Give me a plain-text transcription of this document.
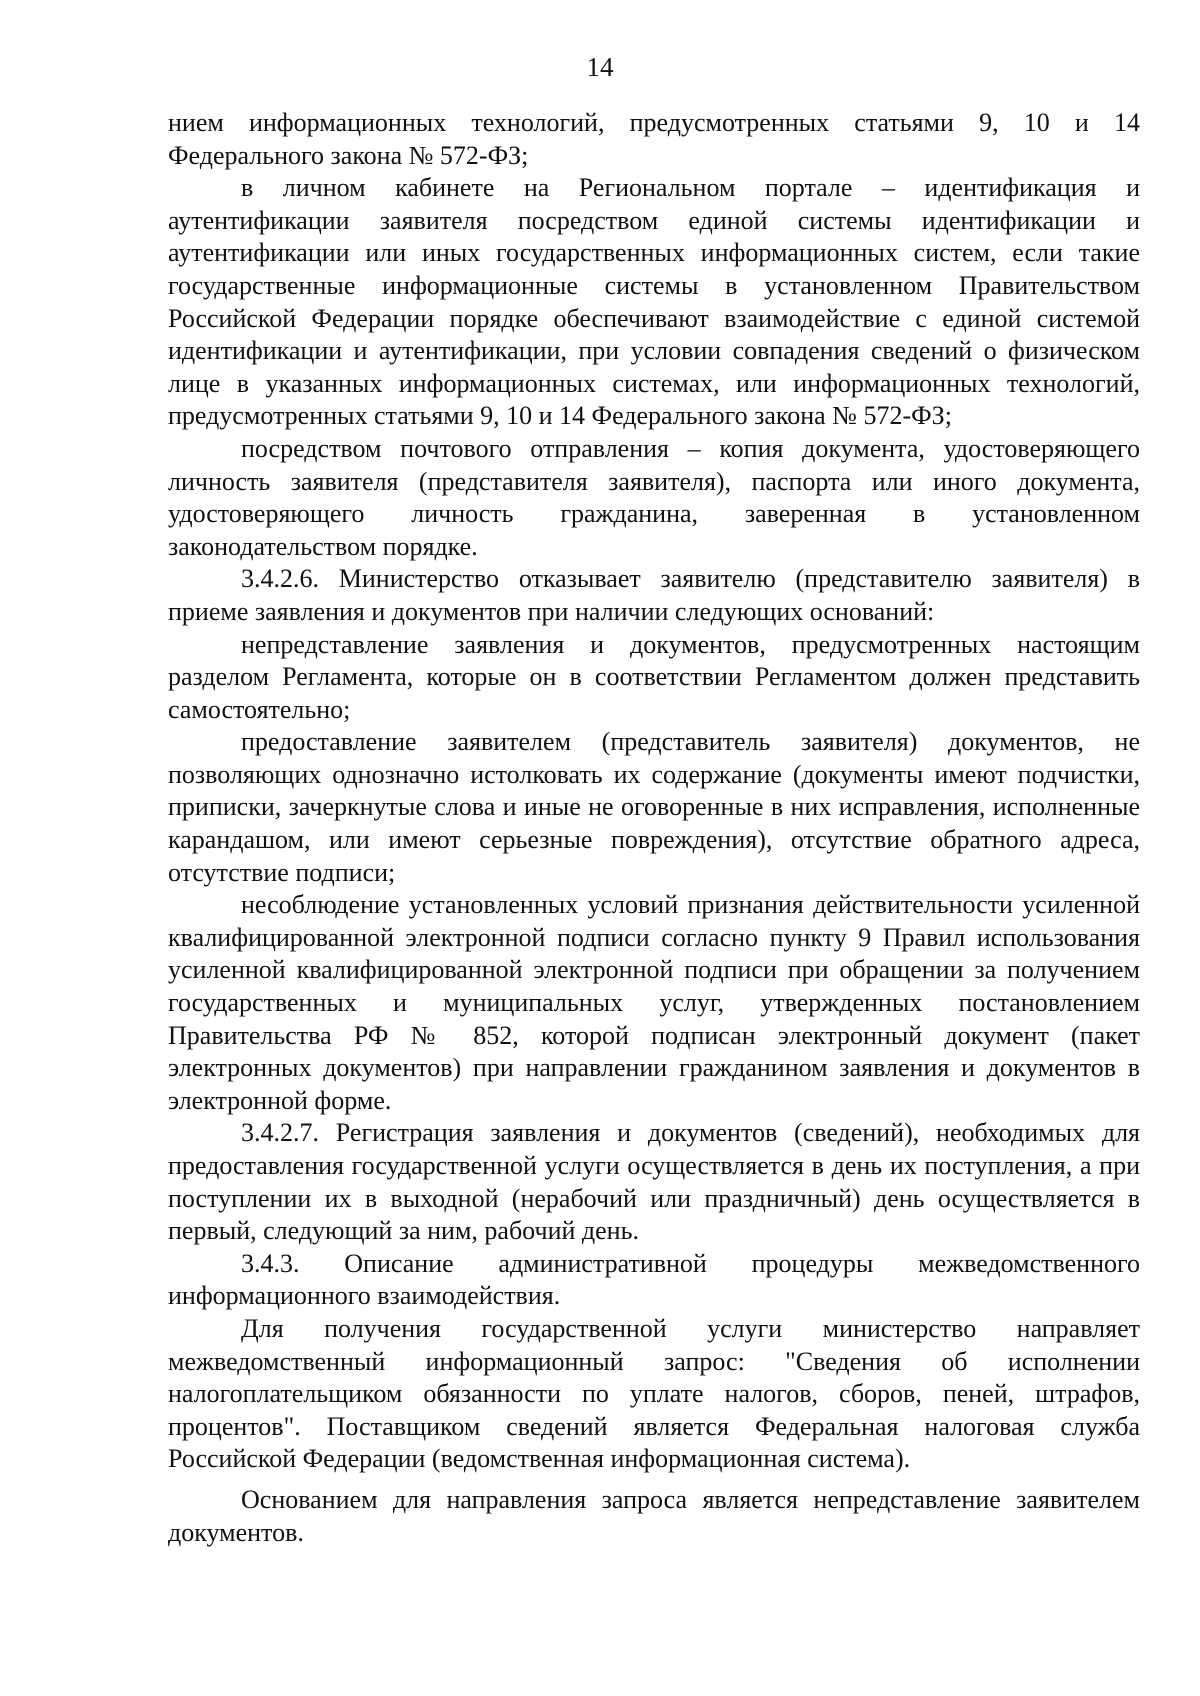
14

нием информационных технологий, предусмотренных статьями 9, 10 и 14 Федерального закона № 572-ФЗ;

в личном кабинете на Региональном портале – идентификация и аутентификации заявителя посредством единой системы идентификации и аутентификации или иных государственных информационных систем, если такие государственные информационные системы в установленном Правительством Российской Федерации порядке обеспечивают взаимодействие с единой системой идентификации и аутентификации, при условии совпадения сведений о физическом лице в указанных информационных системах, или информационных технологий, предусмотренных статьями 9, 10 и 14 Федерального закона № 572-ФЗ;

посредством почтового отправления – копия документа, удостоверяющего личность заявителя (представителя заявителя), паспорта или иного документа, удостоверяющего личность гражданина, заверенная в установленном законодательством порядке.

3.4.2.6. Министерство отказывает заявителю (представителю заявителя) в приеме заявления и документов при наличии следующих оснований:

непредставление заявления и документов, предусмотренных настоящим разделом Регламента, которые он в соответствии Регламентом должен представить самостоятельно;

предоставление заявителем (представитель заявителя) документов, не позволяющих однозначно истолковать их содержание (документы имеют подчистки, приписки, зачеркнутые слова и иные не оговоренные в них исправления, исполненные карандашом, или имеют серьезные повреждения), отсутствие обратного адреса, отсутствие подписи;

несоблюдение установленных условий признания действительности усиленной квалифицированной электронной подписи согласно пункту 9 Правил использования усиленной квалифицированной электронной подписи при обращении за получением государственных и муниципальных услуг, утвержденных постановлением Правительства РФ № 852, которой подписан электронный документ (пакет электронных документов) при направлении гражданином заявления и документов в электронной форме.

3.4.2.7. Регистрация заявления и документов (сведений), необходимых для предоставления государственной услуги осуществляется в день их поступления, а при поступлении их в выходной (нерабочий или праздничный) день осуществляется в первый, следующий за ним, рабочий день.

3.4.3. Описание административной процедуры межведомственного информационного взаимодействия.

Для получения государственной услуги министерство направляет межведомственный информационный запрос: "Сведения об исполнении налогоплательщиком обязанности по уплате налогов, сборов, пеней, штрафов, процентов". Поставщиком сведений является Федеральная налоговая служба Российской Федерации (ведомственная информационная система).

Основанием для направления запроса является непредставление заявителем документов.
